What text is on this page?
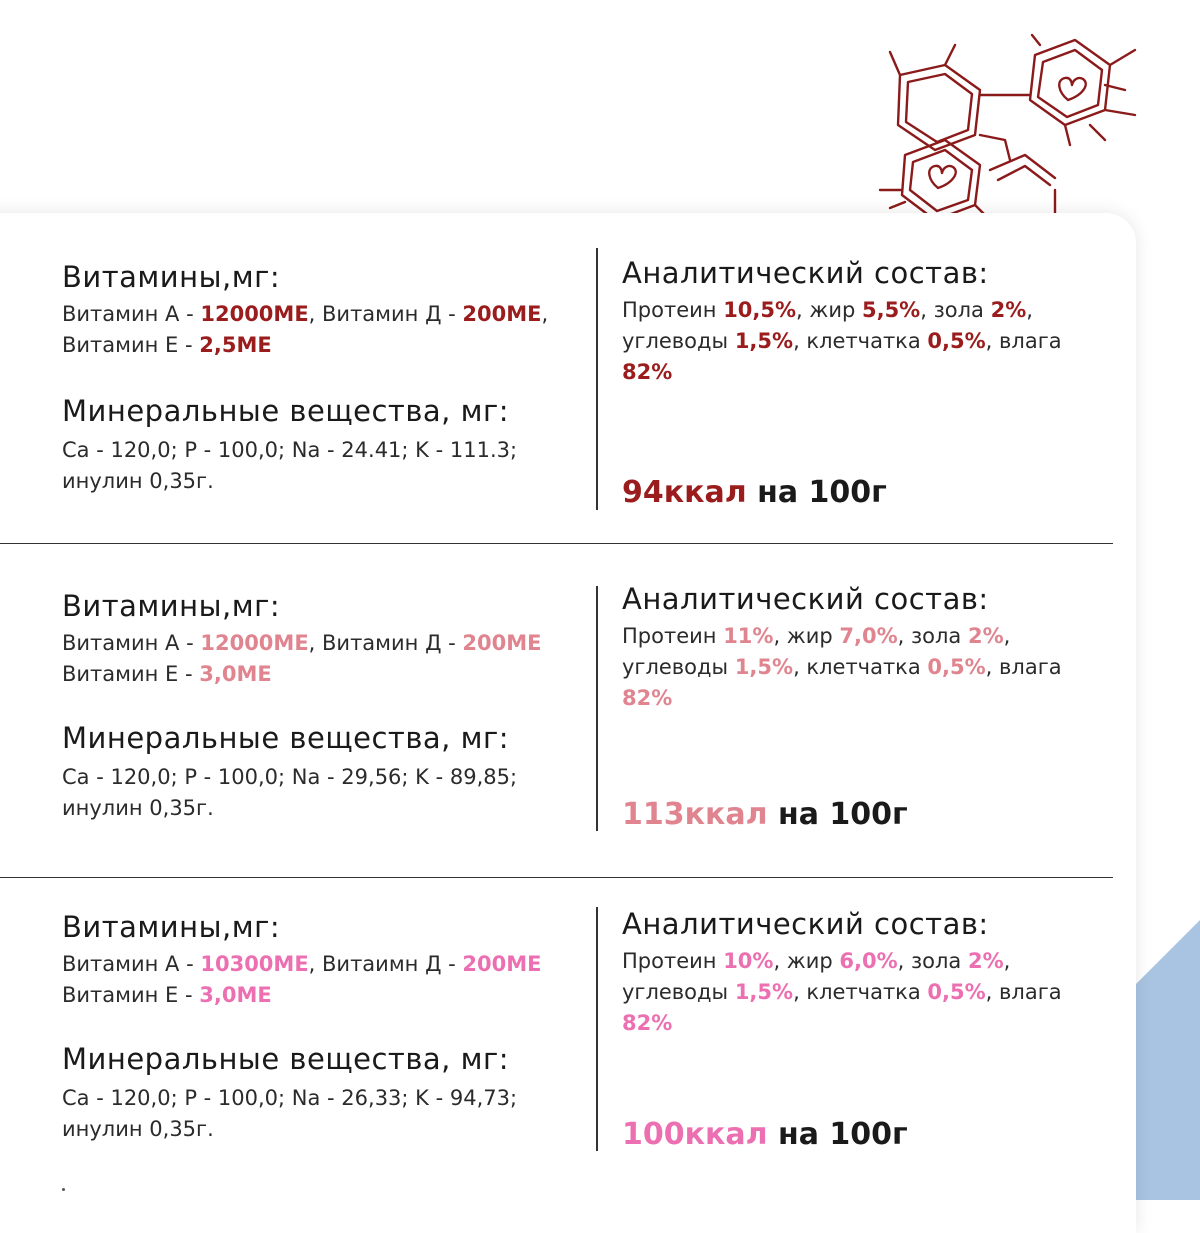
Витамины,мг:

Витамин А - 12000МЕ, Витамин Д - 200МЕ,

Витамин Е - 2,5МЕ

Минеральные вещества, мг:

Ca - 120,0; P - 100,0; Na - 24.41; K - 111.3;

инулин 0,35г.

Аналитический состав:

Протеин 10,5%, жир 5,5%, зола 2%,

углеводы 1,5%, клетчатка 0,5%, влага

82%

94ккал на 100г

Витамины,мг:

Витамин А - 12000МЕ, Витамин Д - 200МЕ

Витамин Е - 3,0МЕ

Минеральные вещества, мг:

Ca - 120,0; P - 100,0; Na - 29,56; K - 89,85;

инулин 0,35г.

Аналитический состав:

Протеин 11%, жир 7,0%, зола 2%,

углеводы 1,5%, клетчатка 0,5%, влага

82%

113ккал на 100г

Витамины,мг:

Витамин А - 10300МЕ, Витаимн Д - 200МЕ

Витамин Е - 3,0МЕ

Минеральные вещества, мг:

Ca - 120,0; P - 100,0; Na - 26,33; K - 94,73;

инулин 0,35г.

Аналитический состав:

Протеин 10%, жир 6,0%, зола 2%,

углеводы 1,5%, клетчатка 0,5%, влага

82%

100ккал на 100г
